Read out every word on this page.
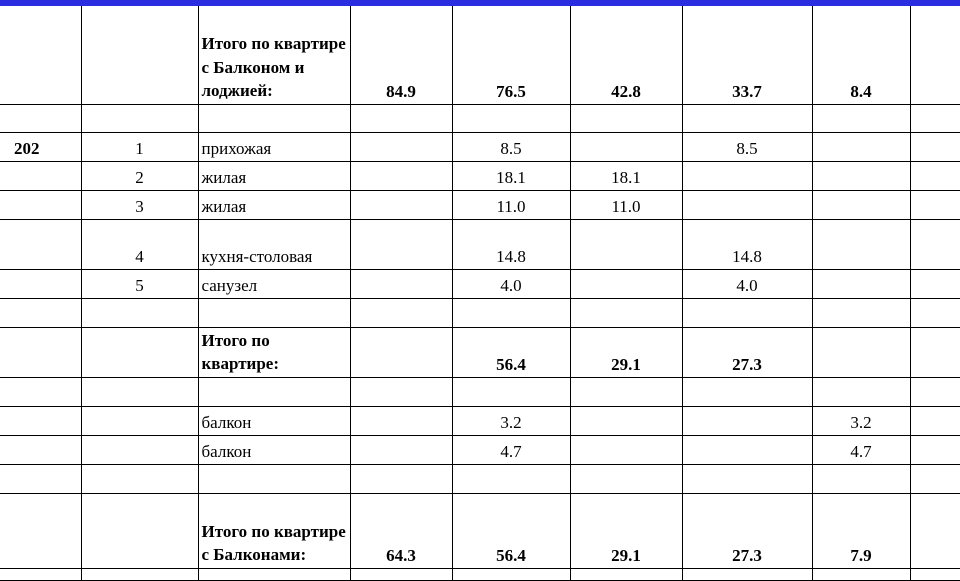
		Итого по квартире с Балконом и лоджией:	84.9	76.5	42.8	33.7	8.4	

202	1	прихожая		8.5		8.5		
	2	жилая		18.1	18.1			
	3	жилая		11.0	11.0			
	4	кухня-столовая		14.8		14.8		
	5	санузел		4.0		4.0		

		Итого по квартире:		56.4	29.1	27.3		

		балкон		3.2			3.2	
		балкон		4.7			4.7	

		Итого по квартире с Балконами:	64.3	56.4	29.1	27.3	7.9	
